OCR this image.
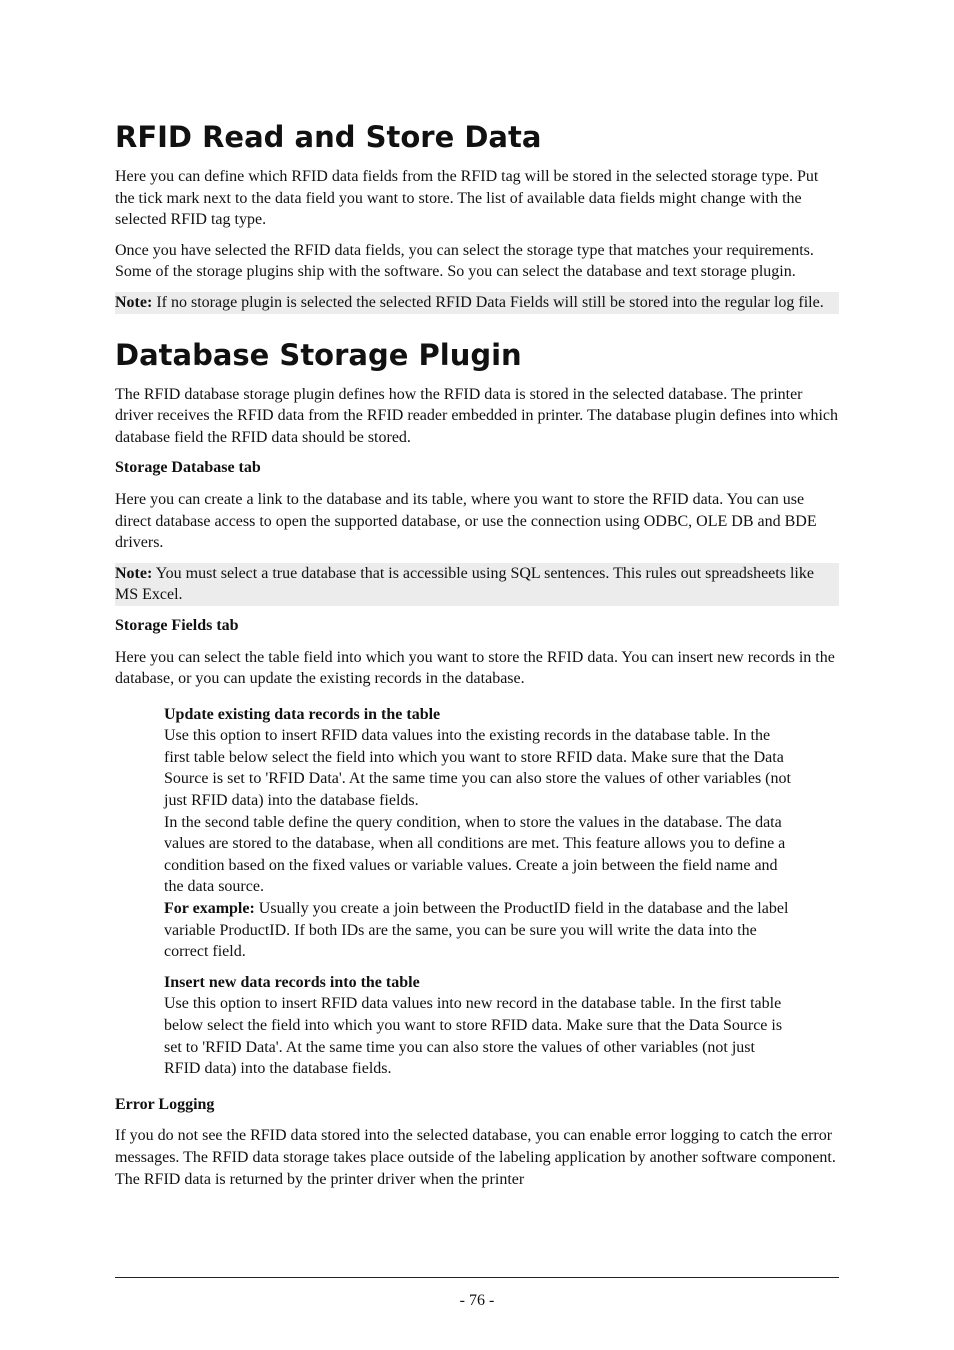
RFID Read and Store Data

Here you can define which RFID data fields from the RFID tag will be stored in the selected storage type. Put the tick mark next to the data field you want to store. The list of available data fields might change with the selected RFID tag type.

Once you have selected the RFID data fields, you can select the storage type that matches your requirements. Some of the storage plugins ship with the software. So you can select the database and text storage plugin.

Note: If no storage plugin is selected the selected RFID Data Fields will still be stored into the regular log file.
Database Storage Plugin

The RFID database storage plugin defines how the RFID data is stored in the selected database. The printer driver receives the RFID data from the RFID reader embedded in printer. The database plugin defines into which database field the RFID data should be stored.

Storage Database tab

Here you can create a link to the database and its table, where you want to store the RFID data. You can use direct database access to open the supported database, or use the connection using ODBC, OLE DB and BDE drivers.

Note: You must select a true database that is accessible using SQL sentences. This rules out spreadsheets like MS Excel.
Storage Fields tab

Here you can select the table field into which you want to store the RFID data. You can insert new records in the database, or you can update the existing records in the database.

Update existing data records in the table
Use this option to insert RFID data values into the existing records in the database table. In the first table below select the field into which you want to store RFID data. Make sure that the Data Source is set to 'RFID Data'. At the same time you can also store the values of other variables (not just RFID data) into the database fields.
In the second table define the query condition, when to store the values in the database. The data values are stored to the database, when all conditions are met. This feature allows you to define a condition based on the fixed values or variable values. Create a join between the field name and the data source.
For example: Usually you create a join between the ProductID field in the database and the label variable ProductID. If both IDs are the same, you can be sure you will write the data into the correct field.
Insert new data records into the table
Use this option to insert RFID data values into new record in the database table. In the first table below select the field into which you want to store RFID data. Make sure that the Data Source is set to 'RFID Data'. At the same time you can also store the values of other variables (not just RFID data) into the database fields.
Error Logging

If you do not see the RFID data stored into the selected database, you can enable error logging to catch the error messages. The RFID data storage takes place outside of the labeling application by another software component. The RFID data is returned by the printer driver when the printer

- 76 -
